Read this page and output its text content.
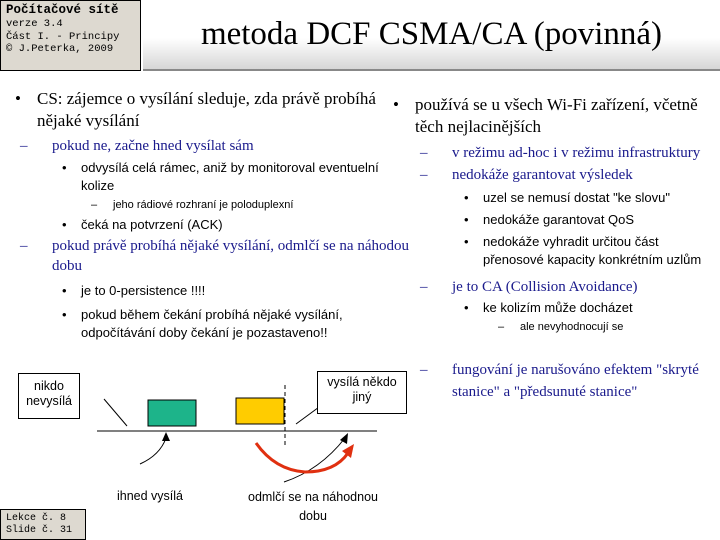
Počítačové sítě
verze 3.4
Část I. - Principy
© J.Peterka, 2009	metoda DCF CSMA/CA (povinná)
• CS: zájemce o vysílání sleduje, zda právě probíhá nějaké vysílání
– pokud ne, začne hned vysílat sám
• odvysílá celá rámec, aniž by monitoroval eventuelní kolize
– jeho rádiové rozhraní je poloduplexní
• čeká na potvrzení (ACK)
– pokud právě probíhá nějaké vysílání, odmlčí se na náhodou dobu
• je to 0-persistence !!!!
• pokud během čekání probíhá nějaké vysílání, odpočítávání doby čekání je pozastaveno!!
• používá se u všech Wi-Fi zařízení, včetně těch nejlacinějších
– v režimu ad-hoc i v režimu infrastruktury
– nedokáže garantovat výsledek
• uzel se nemusí dostat "ke slovu"
• nedokáže garantovat QoS
• nedokáže vyhradit určitou část přenosové kapacity konkrétním uzlům
– je to CA (Collision Avoidance)
• ke kolizím může docházet
– ale nevyhodnocují se
– fungování je narušováno efektem "skryté stanice" a "předsunuté stanice"
nikdo nevysílá
vysílá někdo jiný
ihned vysílá	odmlčí se na náhodnou dobu
Lekce č. 8
Slide č. 31
